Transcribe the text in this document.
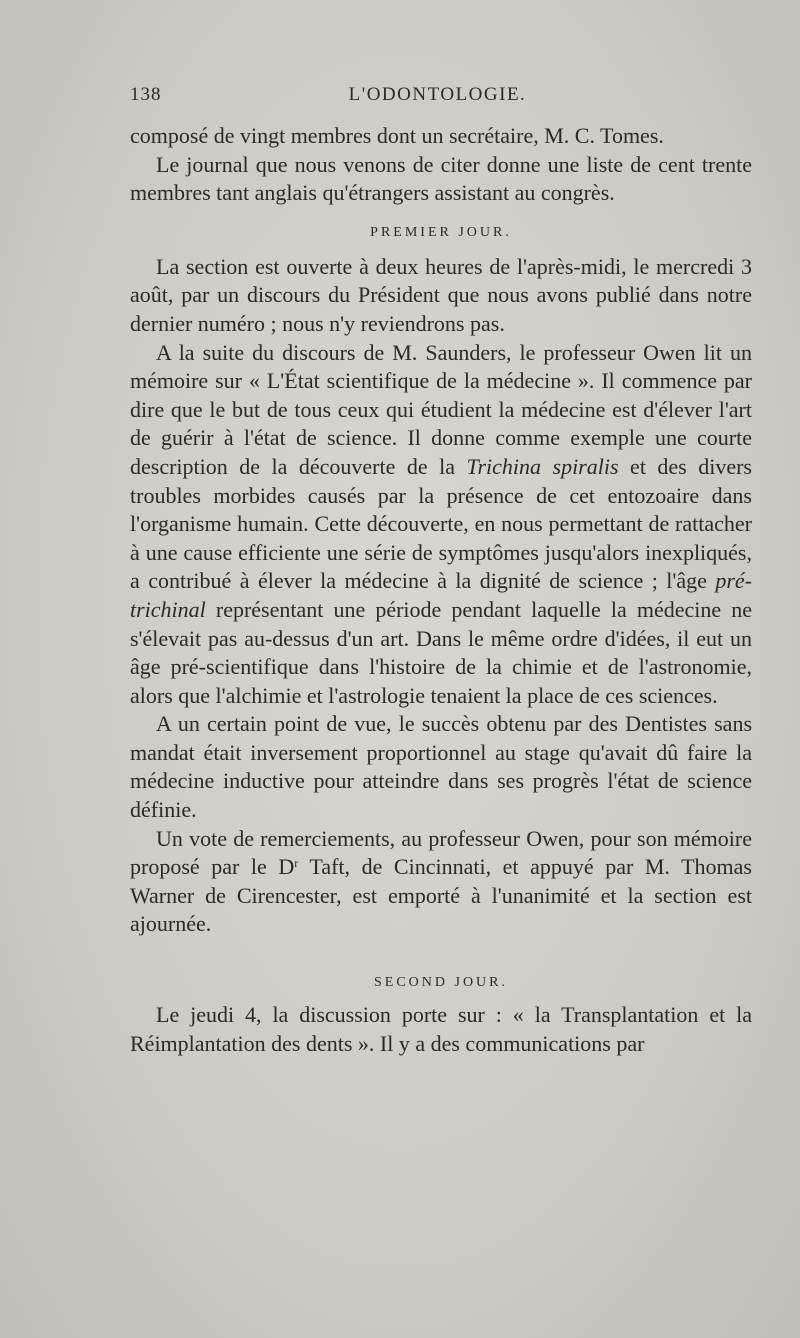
138	L'ODONTOLOGIE.

composé de vingt membres dont un secrétaire, M. C. Tomes.

Le journal que nous venons de citer donne une liste de cent trente membres tant anglais qu'étrangers assistant au congrès.

PREMIER JOUR.

La section est ouverte à deux heures de l'après-midi, le mercredi 3 août, par un discours du Président que nous avons publié dans notre dernier numéro ; nous n'y reviendrons pas.

A la suite du discours de M. Saunders, le professeur Owen lit un mémoire sur « L'État scientifique de la médecine ». Il commence par dire que le but de tous ceux qui étudient la médecine est d'élever l'art de guérir à l'état de science. Il donne comme exemple une courte description de la découverte de la Trichina spiralis et des divers troubles morbides causés par la présence de cet entozoaire dans l'organisme humain. Cette découverte, en nous permettant de rattacher à une cause efficiente une série de symptômes jusqu'alors inexpliqués, a contribué à élever la médecine à la dignité de science ; l'âge pré-trichinal représentant une période pendant laquelle la médecine ne s'élevait pas au-dessus d'un art. Dans le même ordre d'idées, il eut un âge pré-scientifique dans l'histoire de la chimie et de l'astronomie, alors que l'alchimie et l'astrologie tenaient la place de ces sciences.

A un certain point de vue, le succès obtenu par des Dentistes sans mandat était inversement proportionnel au stage qu'avait dû faire la médecine inductive pour atteindre dans ses progrès l'état de science définie.

Un vote de remerciements, au professeur Owen, pour son mémoire proposé par le $D^r$ Taft, de Cincinnati, et appuyé par M. Thomas Warner de Cirencester, est emporté à l'unanimité et la section est ajournée.

SECOND JOUR.

Le jeudi 4, la discussion porte sur : « la Transplantation et la Réimplantation des dents ». Il y a des communications par
